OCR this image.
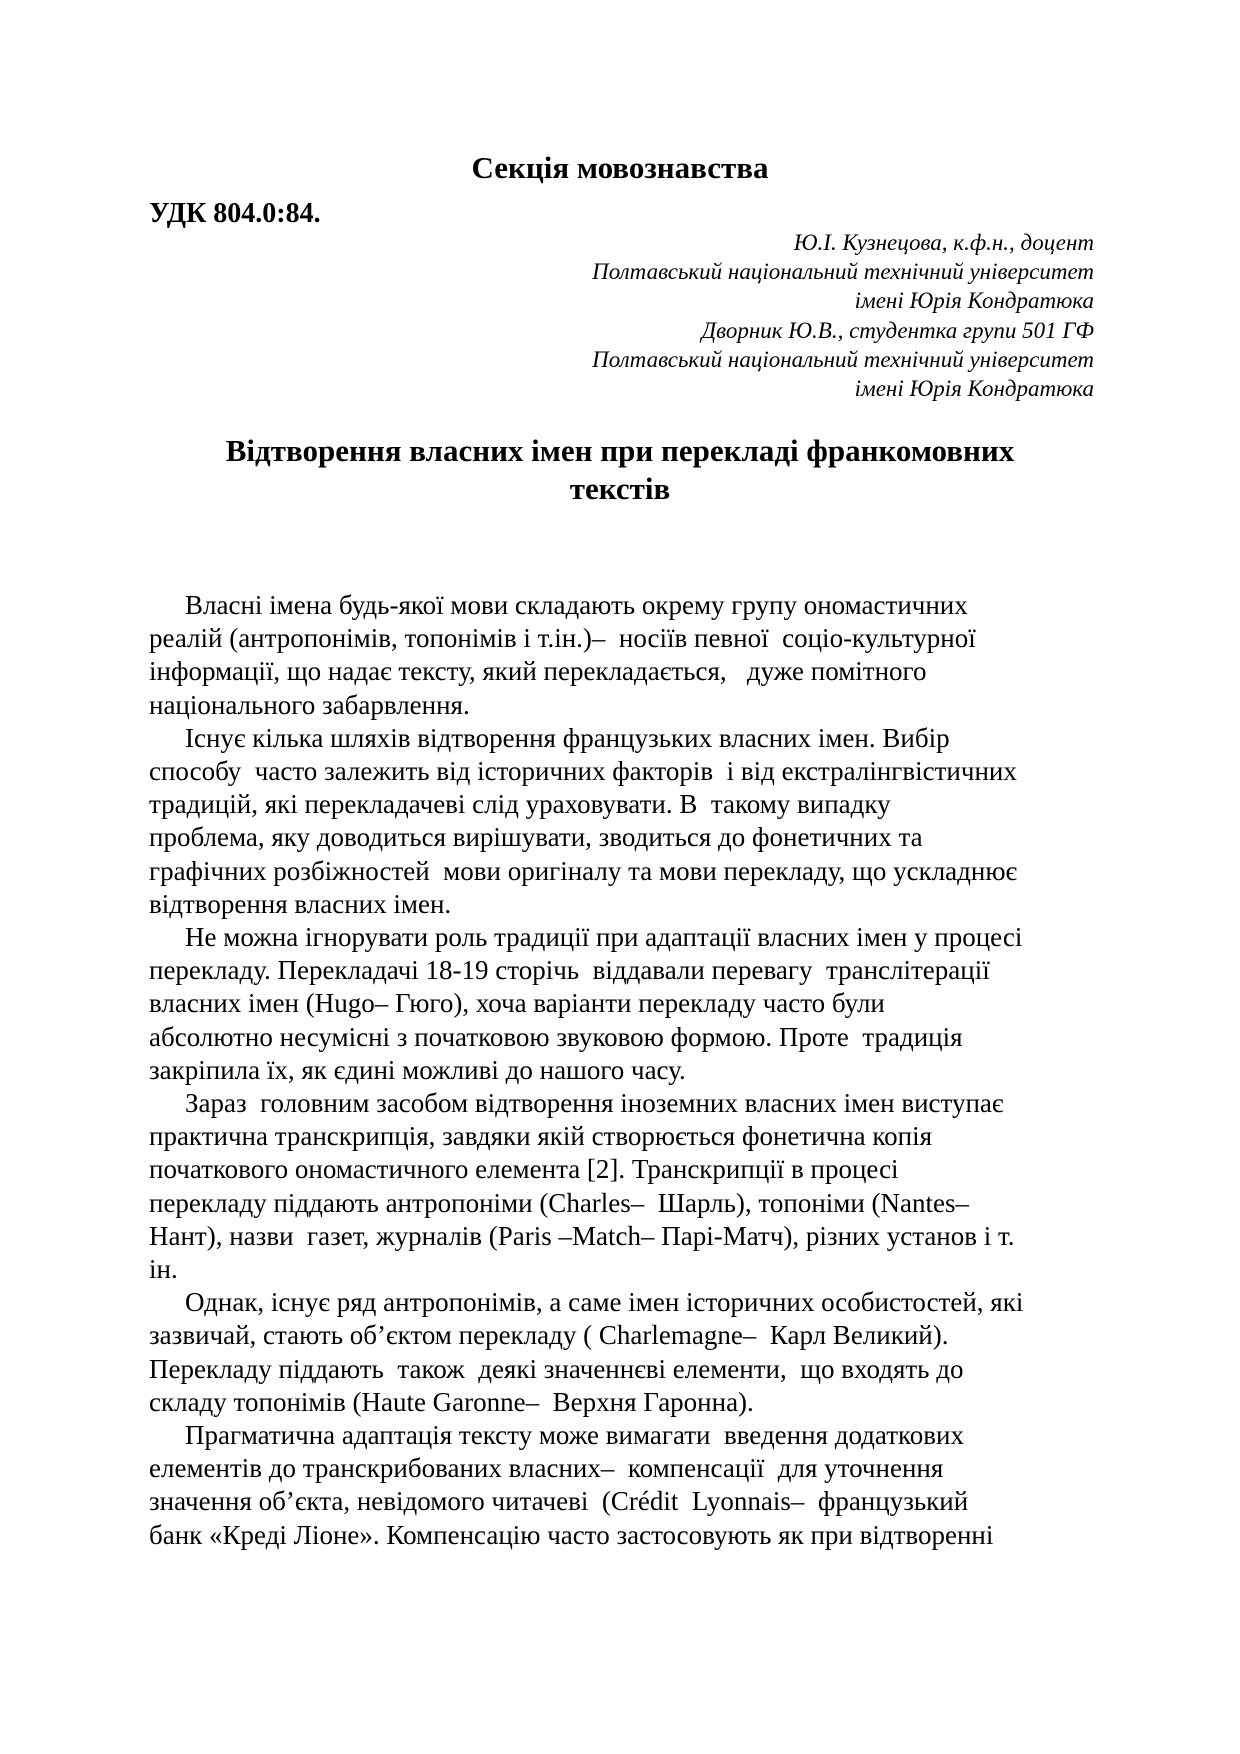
Секція мовознавства
УДК 804.0:84.
Ю.І. Кузнецова, к.ф.н., доцент
Полтавський національний технічний університет
імені Юрія Кондратюка
Дворник Ю.В., студентка групи 501 ГФ
Полтавський національний технічний університет
імені Юрія Кондратюка
Відтворення власних імен при перекладі франкомовних
текстів
Власні імена будь-якої мови складають окрему групу ономастичних
реалій (антропонімів, топонімів і т.ін.)–  носіїв певної  соціо-культурної
інформації, що надає тексту, який перекладається,   дуже помітного
національного забарвлення.
Існує кілька шляхів відтворення французьких власних імен. Вибір
способу  часто залежить від історичних факторів  і від екстралінгвістичних
традицій, які перекладачеві слід ураховувати. В  такому випадку
проблема, яку доводиться вирішувати, зводиться до фонетичних та
графічних розбіжностей  мови оригіналу та мови перекладу, що ускладнює
відтворення власних імен.
Не можна ігнорувати роль традиції при адаптації власних імен у процесі
перекладу. Перекладачі 18-19 сторічь  віддавали перевагу  транслітерації
власних імен (Hugo– Гюго), хоча варіанти перекладу часто були
абсолютно несумісні з початковою звуковою формою. Проте  традиція
закріпила їх, як єдині можливі до нашого часу.
Зараз  головним засобом відтворення іноземних власних імен виступає
практична транскрипція, завдяки якій створюється фонетична копія
початкового ономастичного елемента [2]. Транскрипції в процесі
перекладу піддають антропоніми (Charles–  Шарль), топоніми (Nantes–
Нант), назви  газет, журналів (Paris –Match– Парі-Матч), різних установ і т.
ін.
Однак, існує ряд антропонімів, а саме імен історичних особистостей, які
зазвичай, стають об’єктом перекладу ( Charlemagne–  Карл Великий).
Перекладу піддають  також  деякі значеннєві елементи,  що входять до
складу топонімів (Haute Garonne–  Верхня Гаронна).
Прагматична адаптація тексту може вимагати  введення додаткових
елементів до транскрибованих власних–  компенсації  для уточнення
значення об’єкта, невідомого читачеві  (Crédit  Lyonnais–  французький
банк «Креді Ліоне». Компенсацію часто застосовують як при відтворенні
